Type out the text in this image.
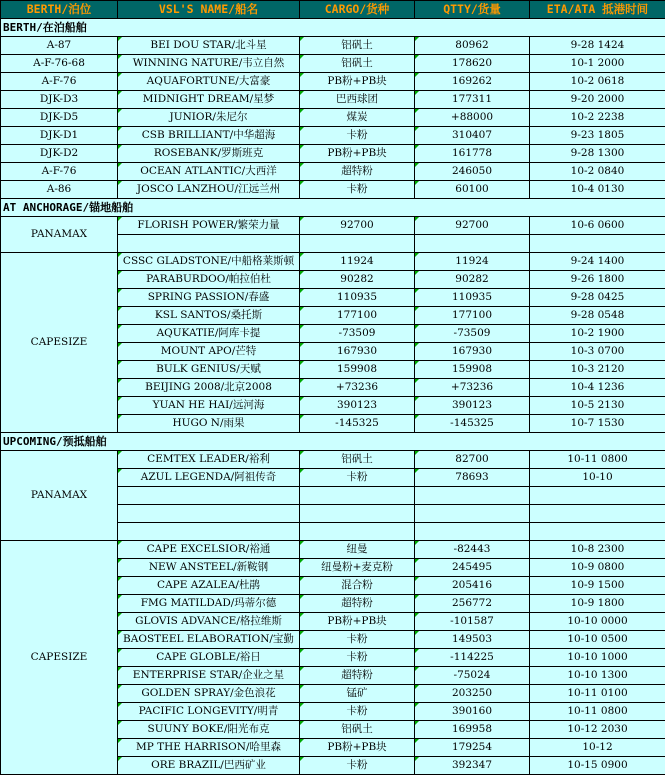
BERTH/泊位	VSL'S NAME/船名	CARGO/货种	QTTY/货量	ETA/ATA 抵港时间
BERTH/在泊船舶				
A-87	BEI DOU STAR/北斗星	铝矾土	80962	9-28 1424
A-F-76-68	WINNING NATURE/韦立自然	铝矾土	178620	10-1 2000
A-F-76	AQUAFORTUNE/大富豪	PB粉+PB块	169262	10-2 0618
DJK-D3	MIDNIGHT DREAM/星梦	巴西球团	177311	9-20 2000
DJK-D5	JUNIOR/朱尼尔	煤炭	+88000	10-2 2238
DJK-D1	CSB BRILLIANT/中华超海	卡粉	310407	9-23 1805
DJK-D2	ROSEBANK/罗斯班克	PB粉+PB块	161778	9-28 1300
A-F-76	OCEAN ATLANTIC/大西洋	超特粉	246050	10-2 0840
A-86	JOSCO LANZHOU/江远兰州	卡粉	60100	10-4 0130
AT ANCHORAGE/锚地船舶				
PANAMAX	FLORISH POWER/繁荣力量	92700	92700	10-6 0600

CAPESIZE	CSSC GLADSTONE/中船格莱斯顿	11924	11924	9-24 1400
	PARABURDOO/帕拉伯杜	90282	90282	9-26 1800
	SPRING PASSION/春盛	110935	110935	9-28 0425
	KSL SANTOS/桑托斯	177100	177100	9-28 0548
	AQUKATIE/阿库卡提	-73509	-73509	10-2 1900
	MOUNT APO/芒特	167930	167930	10-3 0700
	BULK GENIUS/天赋	159908	159908	10-3 2120
	BEIJING 2008/北京2008	+73236	+73236	10-4 1236
	YUAN HE HAI/远河海	390123	390123	10-5 2130
	HUGO N/雨果	-145325	-145325	10-7 1530
UPCOMING/预抵船舶				
PANAMAX	CEMTEX LEADER/裕利	铝矾土	82700	10-11 0800
	AZUL LEGENDA/阿祖传奇	卡粉	78693	10-10

CAPESIZE	CAPE EXCELSIOR/裕通	纽曼	-82443	10-8 2300
	NEW ANSTEEL/新鞍钢	纽曼粉+麦克粉	245495	10-9 0800
	CAPE AZALEA/杜鹃	混合粉	205416	10-9 1500
	FMG MATILDAD/玛蒂尔德	超特粉	256772	10-9 1800
	GLOVIS ADVANCE/格拉维斯	PB粉+PB块	-101587	10-10 0000
	BAOSTEEL ELABORATION/宝勤	卡粉	149503	10-10 0500
	CAPE GLOBLE/裕日	卡粉	-114225	10-10 1000
	ENTERPRISE STAR/企业之星	超特粉	-75024	10-10 1300
	GOLDEN SPRAY/金色浪花	锰矿	203250	10-11 0100
	PACIFIC LONGEVITY/明青	卡粉	390160	10-11 0800
	SUUNY BOKE/阳光布克	铝矾土	169958	10-12 2030
	MP THE HARRISON/哈里森	PB粉+PB块	179254	10-12
	ORE BRAZIL/巴西矿业	卡粉	392347	10-15 0900
